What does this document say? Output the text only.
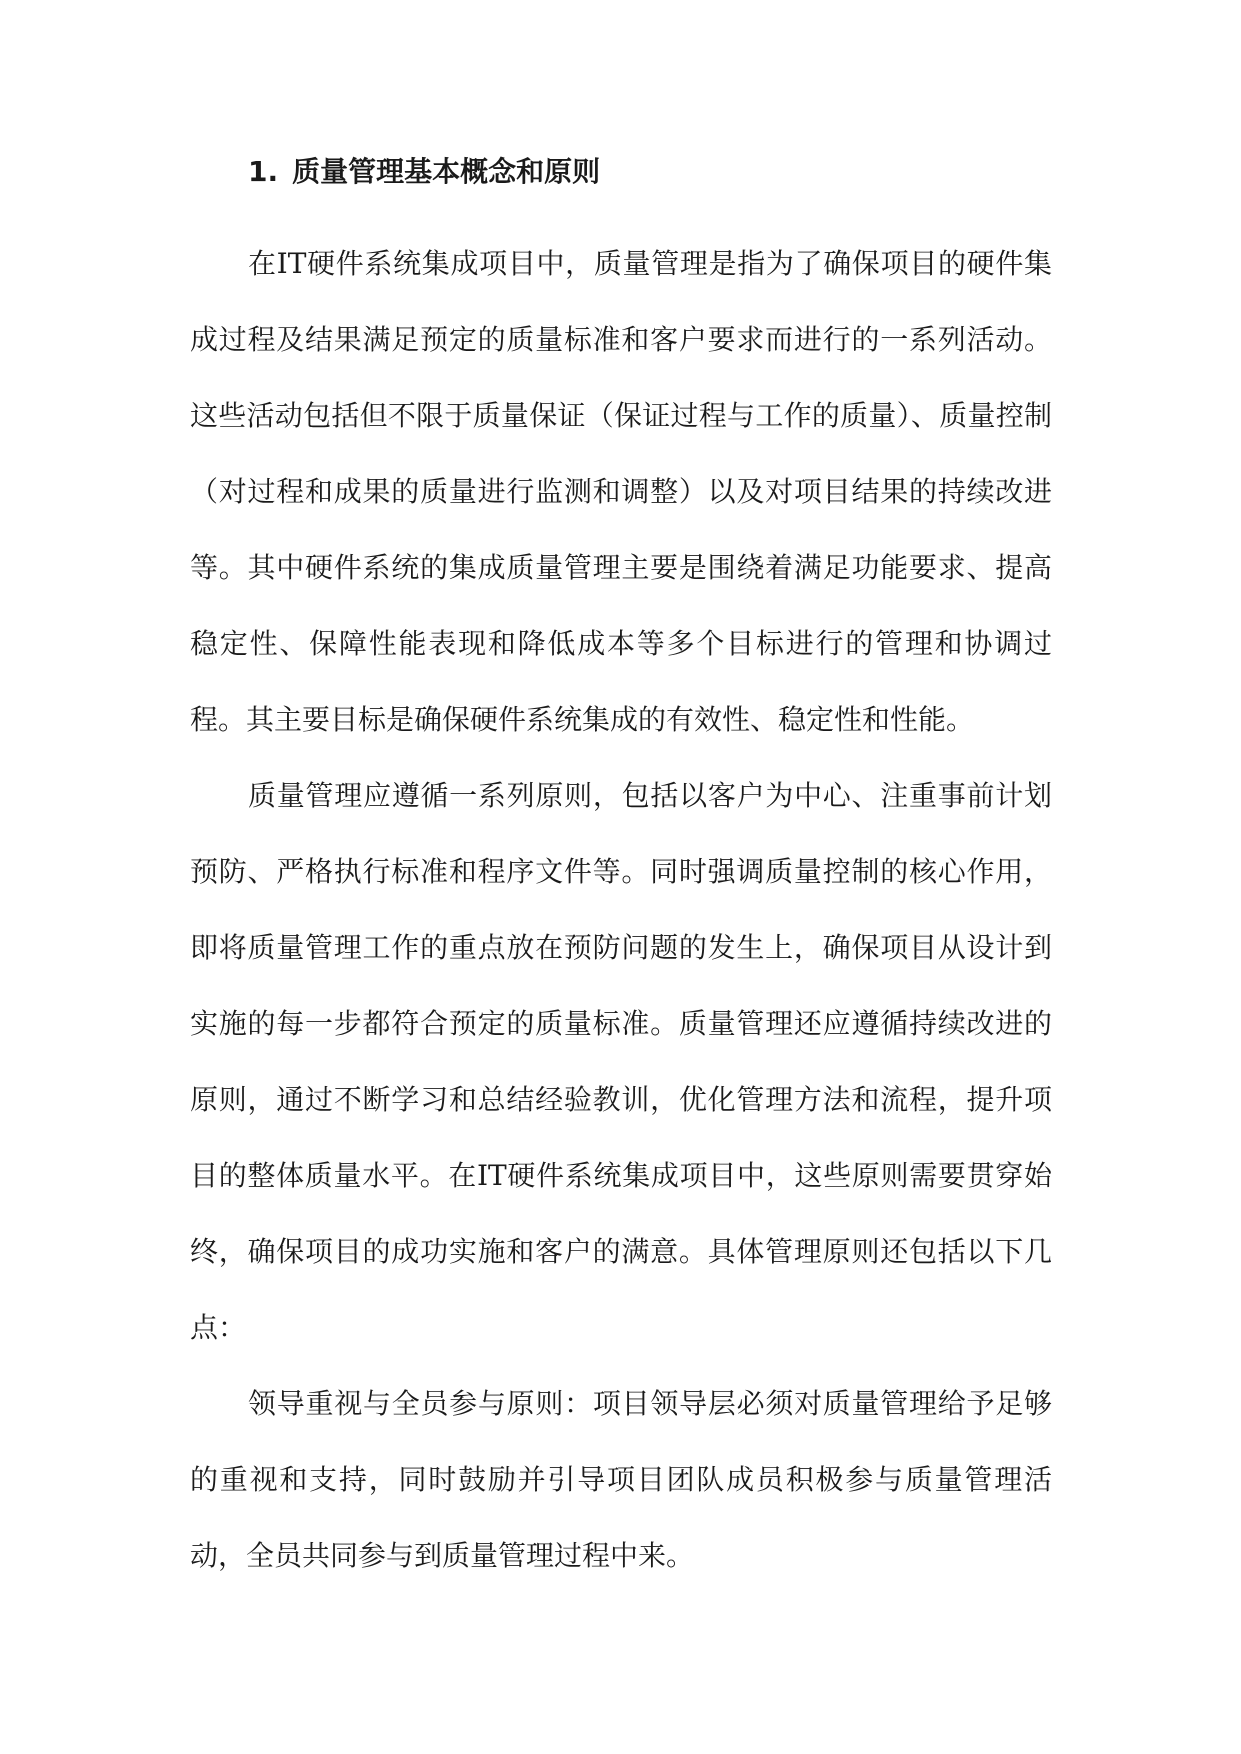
1. 质量管理基本概念和原则

在IT硬件系统集成项目中，质量管理是指为了确保项目的硬件集成过程及结果满足预定的质量标准和客户要求而进行的一系列活动。这些活动包括但不限于质量保证（保证过程与工作的质量）、质量控制（对过程和成果的质量进行监测和调整）以及对项目结果的持续改进等。其中硬件系统的集成质量管理主要是围绕着满足功能要求、提高稳定性、保障性能表现和降低成本等多个目标进行的管理和协调过程。其主要目标是确保硬件系统集成的有效性、稳定性和性能。

质量管理应遵循一系列原则，包括以客户为中心、注重事前计划预防、严格执行标准和程序文件等。同时强调质量控制的核心作用，即将质量管理工作的重点放在预防问题的发生上，确保项目从设计到实施的每一步都符合预定的质量标准。质量管理还应遵循持续改进的原则，通过不断学习和总结经验教训，优化管理方法和流程，提升项目的整体质量水平。在IT硬件系统集成项目中，这些原则需要贯穿始终，确保项目的成功实施和客户的满意。具体管理原则还包括以下几点：

领导重视与全员参与原则：项目领导层必须对质量管理给予足够的重视和支持，同时鼓励并引导项目团队成员积极参与质量管理活动，全员共同参与到质量管理过程中来。
